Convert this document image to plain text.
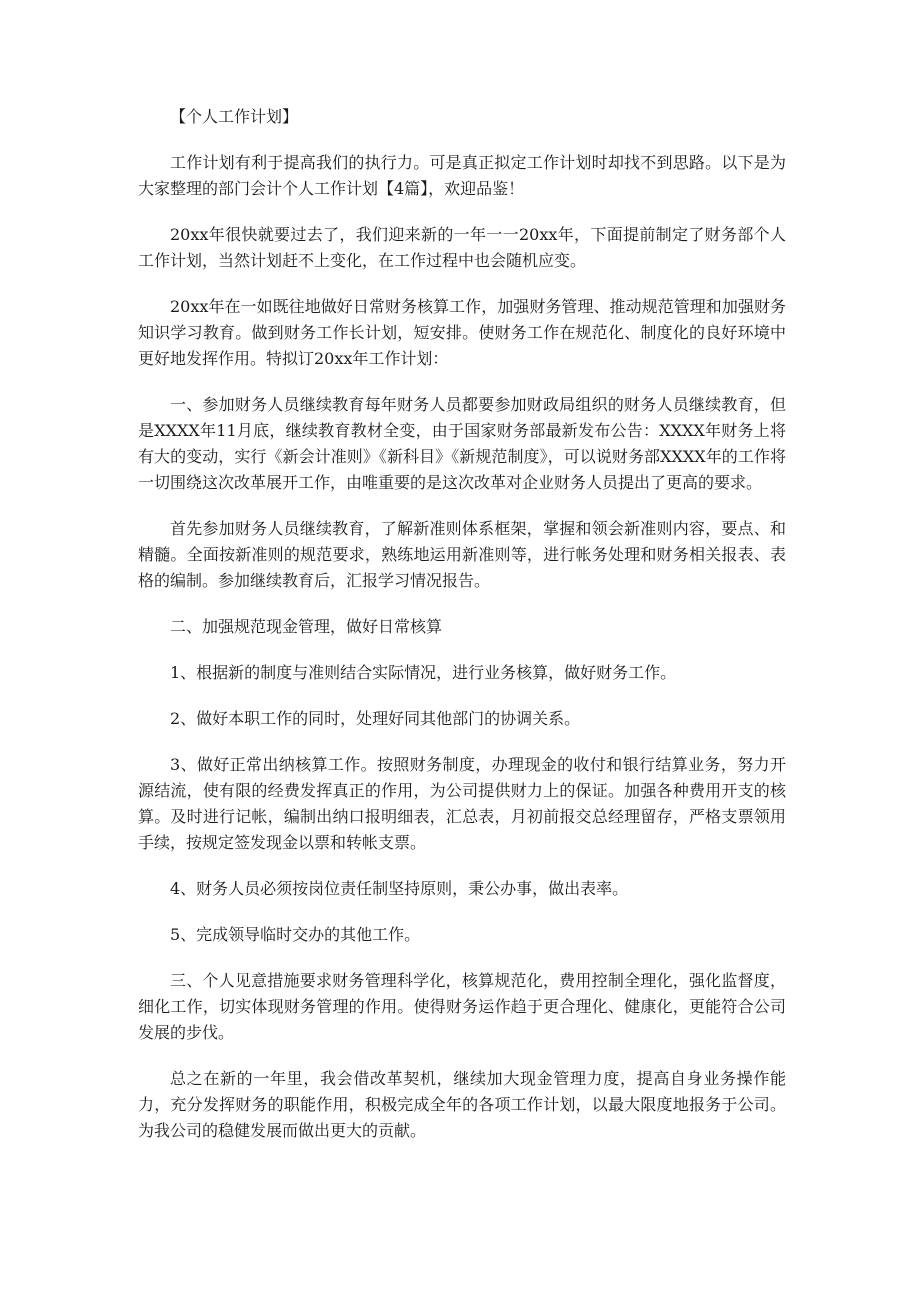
【个人工作计划】

工作计划有利于提高我们的执行力。可是真正拟定工作计划时却找不到思路。以下是为大家整理的部门会计个人工作计划【4篇】，欢迎品鉴！

20xx年很快就要过去了，我们迎来新的一年一一20xx年，下面提前制定了财务部个人工作计划，当然计划赶不上变化，在工作过程中也会随机应变。

20xx年在一如既往地做好日常财务核算工作，加强财务管理、推动规范管理和加强财务知识学习教育。做到财务工作长计划，短安排。使财务工作在规范化、制度化的良好环境中更好地发挥作用。特拟订20xx年工作计划：

一、参加财务人员继续教育每年财务人员都要参加财政局组织的财务人员继续教育，但是XXXX年11月底，继续教育教材全变，由于国家财务部最新发布公告：XXXX年财务上将有大的变动，实行《新会计准则》《新科目》《新规范制度》，可以说财务部XXXX年的工作将一切围绕这次改革展开工作，由唯重要的是这次改革对企业财务人员提出了更高的要求。

首先参加财务人员继续教育，了解新准则体系框架，掌握和领会新准则内容，要点、和精髓。全面按新准则的规范要求，熟练地运用新准则等，进行帐务处理和财务相关报表、表格的编制。参加继续教育后，汇报学习情况报告。

二、加强规范现金管理，做好日常核算

1、根据新的制度与准则结合实际情况，进行业务核算，做好财务工作。

2、做好本职工作的同时，处理好同其他部门的协调关系。

3、做好正常出纳核算工作。按照财务制度，办理现金的收付和银行结算业务，努力开源结流，使有限的经费发挥真正的作用，为公司提供财力上的保证。加强各种费用开支的核算。及时进行记帐，编制出纳口报明细表，汇总表，月初前报交总经理留存，严格支票领用手续，按规定签发现金以票和转帐支票。

4、财务人员必须按岗位责任制坚持原则，秉公办事，做出表率。

5、完成领导临时交办的其他工作。

三、个人见意措施要求财务管理科学化，核算规范化，费用控制全理化，强化监督度，细化工作，切实体现财务管理的作用。使得财务运作趋于更合理化、健康化，更能符合公司发展的步伐。

总之在新的一年里，我会借改革契机，继续加大现金管理力度，提高自身业务操作能力，充分发挥财务的职能作用，积极完成全年的各项工作计划，以最大限度地报务于公司。为我公司的稳健发展而做出更大的贡献。
